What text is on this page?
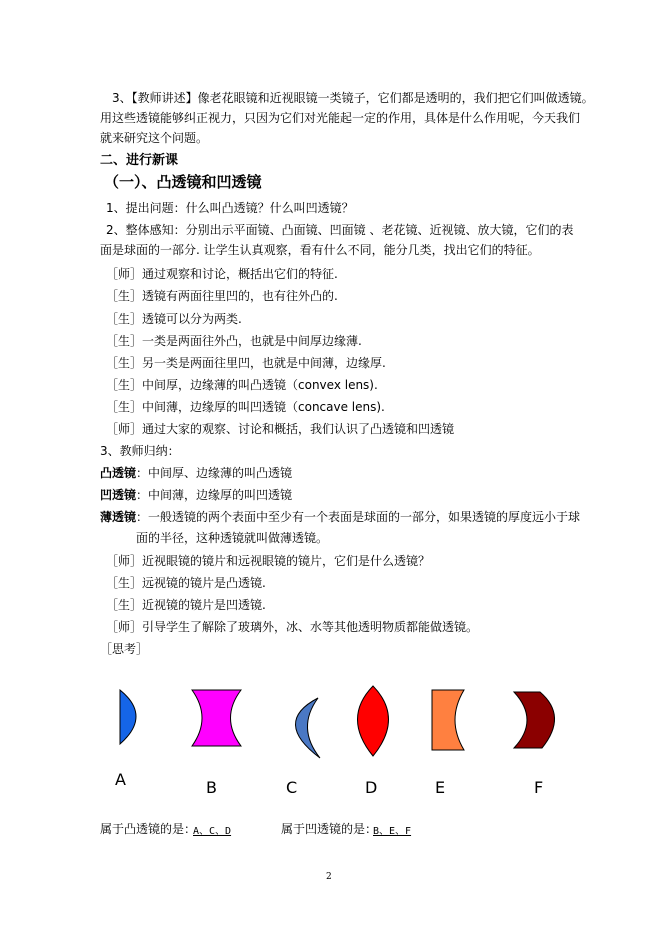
3、【教师讲述】像老花眼镜和近视眼镜一类镜子，它们都是透明的，我们把它们叫做透镜。
用这些透镜能够纠正视力，只因为它们对光能起一定的作用，具体是什么作用呢，今天我们
就来研究这个问题。
二、进行新课
（一）、凸透镜和凹透镜
1、提出问题：什么叫凸透镜？什么叫凹透镜？
2、整体感知：分别出示平面镜、凸面镜、凹面镜 、老花镜、近视镜、放大镜，它们的表
面是球面的一部分. 让学生认真观察，看有什么不同，能分几类，找出它们的特征。
［师］通过观察和讨论，概括出它们的特征.
［生］透镜有两面往里凹的，也有往外凸的.
［生］透镜可以分为两类.
［生］一类是两面往外凸，也就是中间厚边缘薄.
［生］另一类是两面往里凹，也就是中间薄，边缘厚.
［生］中间厚，边缘薄的叫凸透镜（convex lens).
［生］中间薄，边缘厚的叫凹透镜（concave lens).
［师］通过大家的观察、讨论和概括，我们认识了凸透镜和凹透镜
3、教师归纳：
凸透镜：中间厚、边缘薄的叫凸透镜
凹透镜：中间薄，边缘厚的叫凹透镜
薄透镜：一般透镜的两个表面中至少有一个表面是球面的一部分，如果透镜的厚度远小于球
面的半径，这种透镜就叫做薄透镜。
［师］近视眼镜的镜片和远视眼镜的镜片，它们是什么透镜？
［生］远视镜的镜片是凸透镜.
［生］近视镜的镜片是凹透镜.
［师］引导学生了解除了玻璃外，冰、水等其他透明物质都能做透镜。
［思考］
A	B	C	D	E	F
属于凸透镜的是：
A、C、D	属于凹透镜的是：
B、E、F
2
